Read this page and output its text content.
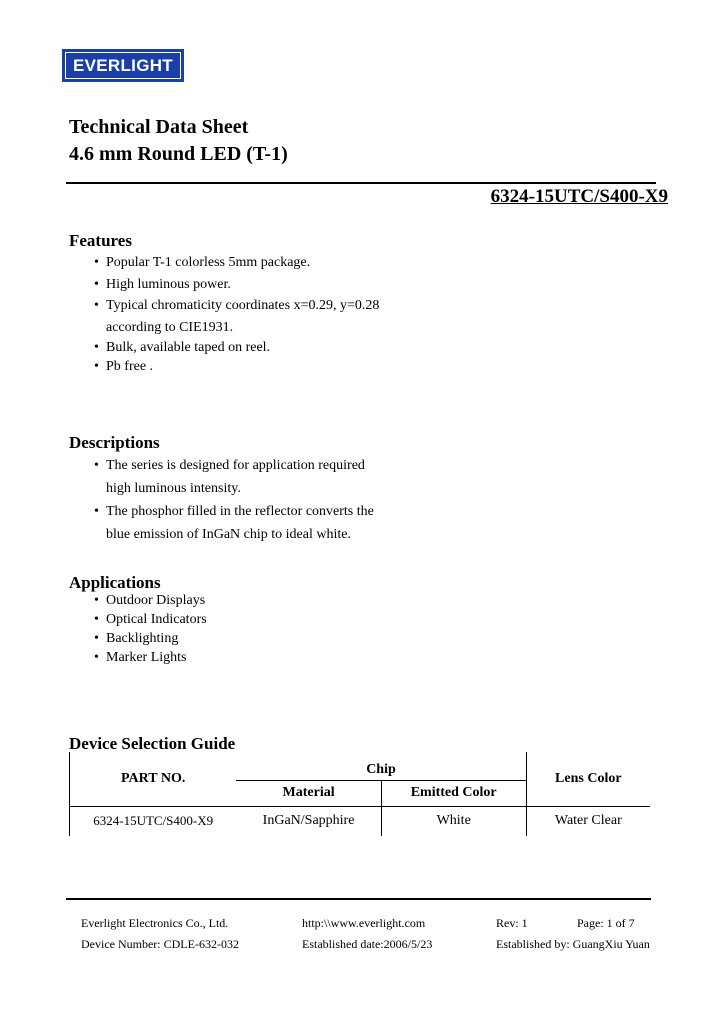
EVERLIGHT
Technical Data Sheet
4.6 mm Round LED (T-1)
6324-15UTC/S400-X9
Features
• Popular T-1 colorless 5mm package.
• High luminous power.
• Typical chromaticity coordinates x=0.29, y=0.28
according to CIE1931.
• Bulk, available taped on reel.
• Pb free .
Descriptions
• The series is designed for application required
high luminous intensity.
• The phosphor filled in the reflector converts the
blue emission of InGaN chip to ideal white.
Applications
• Outdoor Displays
• Optical Indicators
• Backlighting
• Marker Lights
Device Selection Guide
PART NO.	Chip		Lens Color
	Material	Emitted Color	
6324-15UTC/S400-X9	InGaN/Sapphire	White	Water Clear
Everlight Electronics Co., Ltd.	http:\\www.everlight.com	Rev: 1	Page: 1 of 7
Device Number: CDLE-632-032	Established date:2006/5/23	Established by: GuangXiu Yuan
